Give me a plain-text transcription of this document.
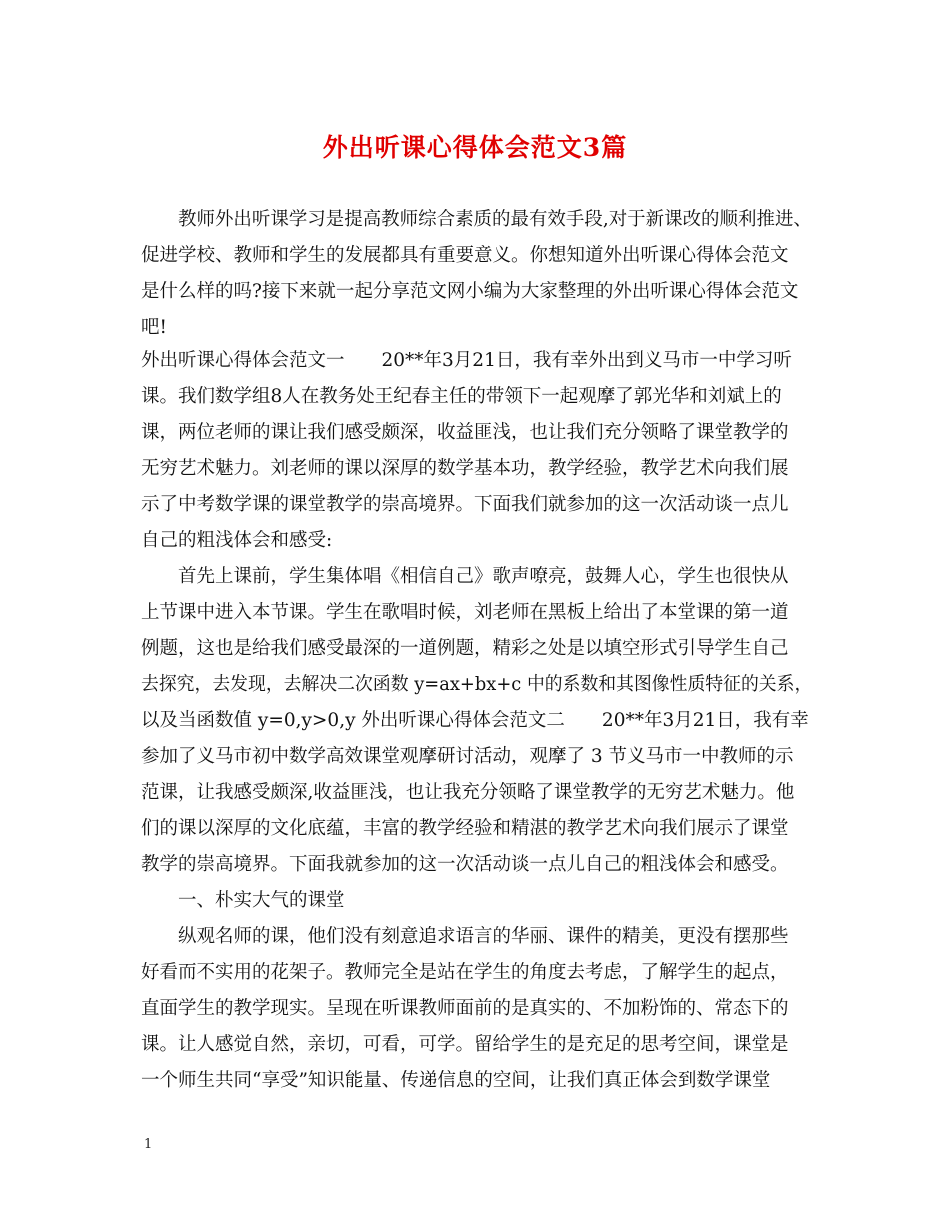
外出听课心得体会范文3篇
教师外出听课学习是提高教师综合素质的最有效手段,对于新课改的顺利推进、
促进学校、教师和学生的发展都具有重要意义。你想知道外出听课心得体会范文
是什么样的吗?接下来就一起分享范文网小编为大家整理的外出听课心得体会范文
吧!
外出听课心得体会范文一　　20**年3月21日，我有幸外出到义马市一中学习听
课。我们数学组8人在教务处王纪春主任的带领下一起观摩了郭光华和刘斌上的
课，两位老师的课让我们感受颇深，收益匪浅，也让我们充分领略了课堂教学的
无穷艺术魅力。刘老师的课以深厚的数学基本功，教学经验，教学艺术向我们展
示了中考数学课的课堂教学的崇高境界。下面我们就参加的这一次活动谈一点儿
自己的粗浅体会和感受:
首先上课前，学生集体唱《相信自己》歌声嘹亮，鼓舞人心，学生也很快从
上节课中进入本节课。学生在歌唱时候，刘老师在黑板上给出了本堂课的第一道
例题，这也是给我们感受最深的一道例题，精彩之处是以填空形式引导学生自己
去探究，去发现，去解决二次函数 y=ax+bx+c 中的系数和其图像性质特征的关系，
以及当函数值 y=0,y>0,y 外出听课心得体会范文二　　20**年3月21日，我有幸
参加了义马市初中数学高效课堂观摩研讨活动，观摩了 3 节义马市一中教师的示
范课，让我感受颇深,收益匪浅，也让我充分领略了课堂教学的无穷艺术魅力。他
们的课以深厚的文化底蕴，丰富的教学经验和精湛的教学艺术向我们展示了课堂
教学的崇高境界。下面我就参加的这一次活动谈一点儿自己的粗浅体会和感受。
一、朴实大气的课堂
纵观名师的课，他们没有刻意追求语言的华丽、课件的精美，更没有摆那些
好看而不实用的花架子。教师完全是站在学生的角度去考虑，了解学生的起点，
直面学生的教学现实。呈现在听课教师面前的是真实的、不加粉饰的、常态下的
课。让人感觉自然，亲切，可看，可学。留给学生的是充足的思考空间，课堂是
一个师生共同“享受”知识能量、传递信息的空间，让我们真正体会到数学课堂
1
